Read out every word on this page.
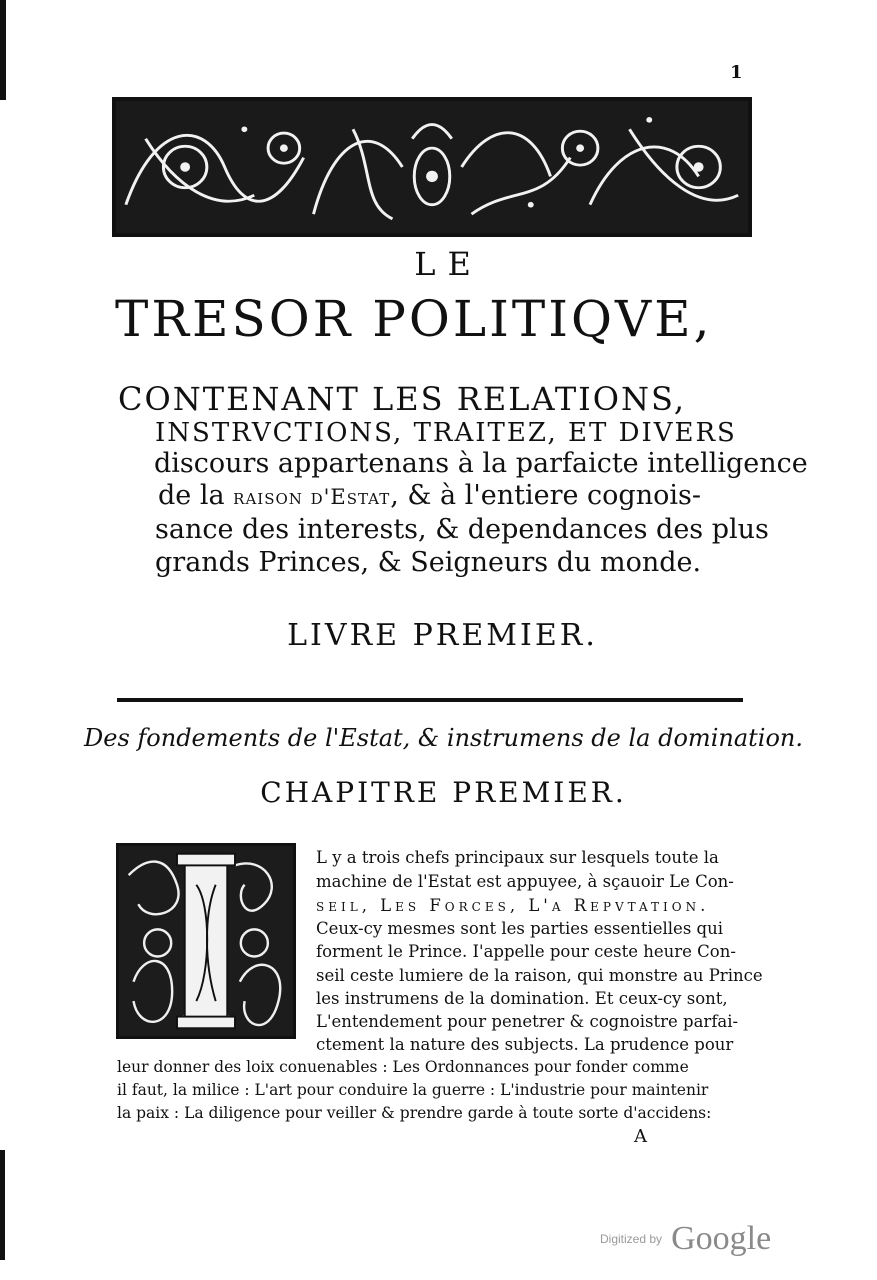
1
LE
TRESOR POLITIQVE,
CONTENANT LES RELATIONS,
INSTRVCTIONS, TRAITEZ, ET DIVERS
discours appartenans à la parfaicte intelligence
de la raison d'Estat, & à l'entiere cognois-
sance des interests, & dependances des plus
grands Princes, & Seigneurs du monde.
LIVRE PREMIER.
Des fondements de l'Estat, & instrumens de la domination.
CHAPITRE PREMIER.
L y a trois chefs principaux sur lesquels toute la
machine de l'Estat est appuyee, à sçauoir Le Con-
seil, Les Forces, L'a Repvtation.
Ceux-cy mesmes sont les parties essentielles qui
forment le Prince. I'appelle pour ceste heure Con-
seil ceste lumiere de la raison, qui monstre au Prince
les instrumens de la domination. Et ceux-cy sont,
L'entendement pour penetrer & cognoistre parfai-
ctement la nature des subjects. La prudence pour
leur donner des loix conuenables : Les Ordonnances pour fonder comme
il faut, la milice : L'art pour conduire la guerre : L'industrie pour maintenir
la paix : La diligence pour veiller & prendre garde à toute sorte d'accidens:
A
Digitized by Google
